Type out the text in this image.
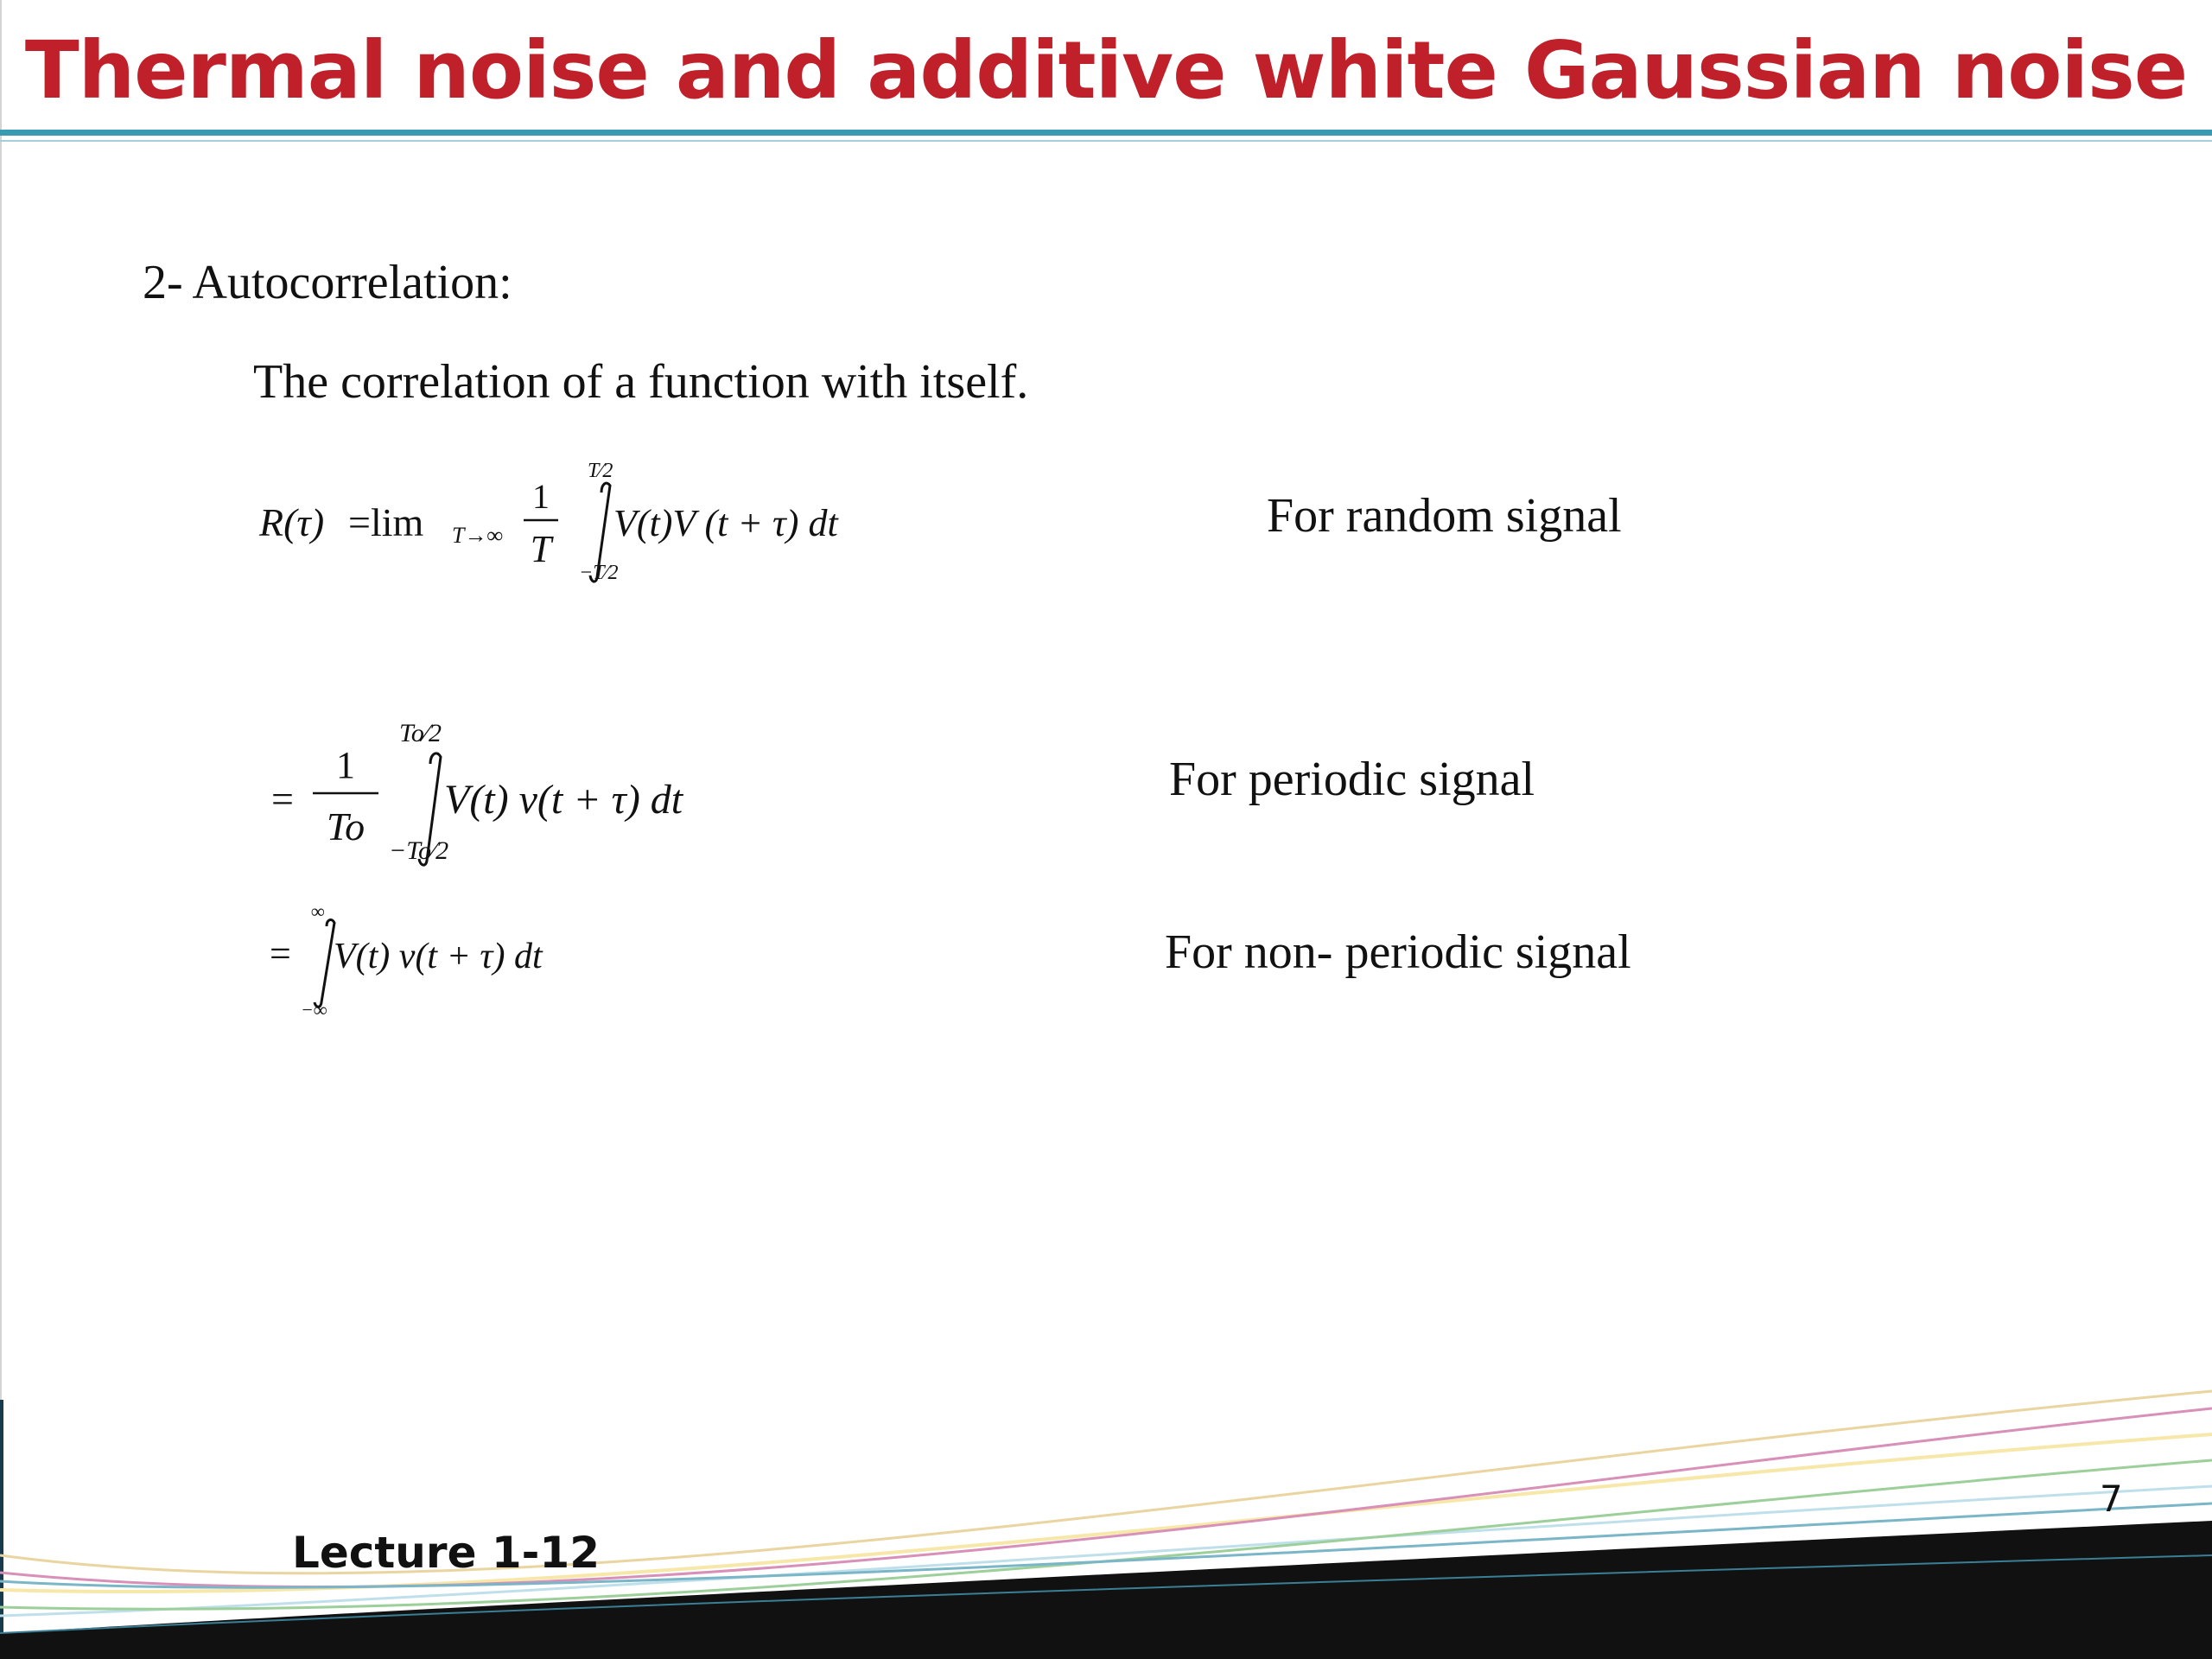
Thermal noise and additive white Gaussian noise
2- Autocorrelation:
The correlation of a function with itself.
R(τ) =lim T→∞
1
T
T⁄2
−T⁄2
V(t)V (t + τ) dt	For random signal
=
1
To
To⁄2
−To⁄2
V(t) v(t + τ) dt	For periodic signal
=
∞
−∞
V(t) v(t + τ) dt	For non- periodic signal
Lecture 1-12
7
